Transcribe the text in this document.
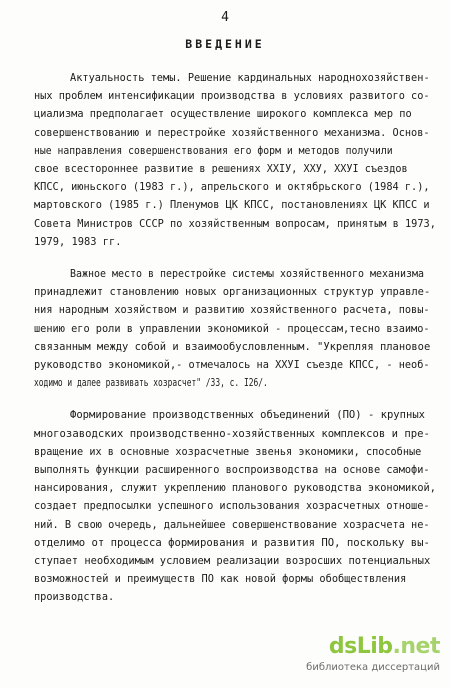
4
ВВЕДЕНИЕ
Актуальность темы. Решение кардинальных народнохозяйствен-
ных проблем интенсификации производства в условиях развитого со-
циализма предполагает осуществление широкого комплекса мер по
совершенствованию и перестройке хозяйственного механизма. Основ-
ные направления совершенствования его форм и методов получили
свое всестороннее развитие в решениях XXIУ, XXУ, XXУI съездов
КПСС, июньского (1983 г.), апрельского и октябрьского (1984 г.),
мартовского (1985 г.) Пленумов ЦК КПСС, постановлениях ЦК КПСС и
Совета Министров СССР по хозяйственным вопросам, принятым в 1973,
1979, 1983 гг.
Важное место в перестройке системы хозяйственного механизма
принадлежит становлению новых организационных структур управле-
ния народным хозяйством и развитию хозяйственного расчета, повы-
шению его роли в управлении экономикой - процессам,тесно взаимо-
связанным между собой и взаимообусловленным. "Укрепляя плановое
руководство экономикой,- отмечалось на XXУI съезде КПСС, - необ-
ходимо и далее развивать хозрасчет" /33, с. I26/.
Формирование производственных объединений (ПО) - крупных
многозаводских производственно-хозяйственных комплексов и пре-
вращение их в основные хозрасчетные звенья экономики, способные
выполнять функции расширенного воспроизводства на основе самофи-
нансирования, служит укреплению планового руководства экономикой,
создает предпосылки успешного использования хозрасчетных отноше-
ний. В свою очередь, дальнейшее совершенствование хозрасчета не-
отделимо от процесса формирования и развития ПО, поскольку вы-
ступает необходимым условием реализации возросших потенциальных
возможностей и преимуществ ПО как новой формы обобществления
производства.
dsLib.net
библиотека диссертаций
